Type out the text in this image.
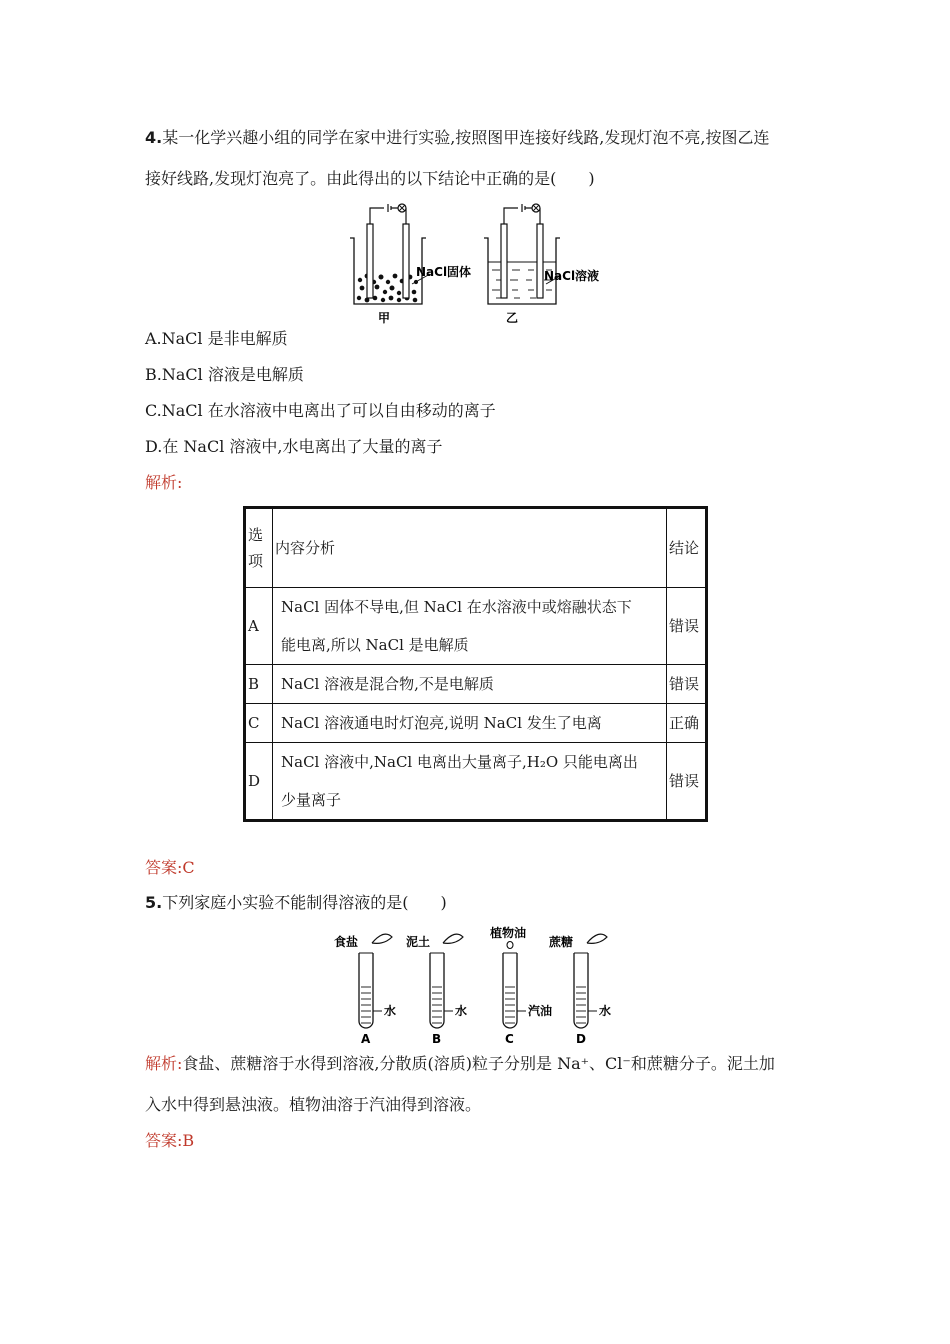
4.某一化学兴趣小组的同学在家中进行实验,按照图甲连接好线路,发现灯泡不亮,按图乙连
接好线路,发现灯泡亮了。由此得出的以下结论中正确的是(　　)
NaCl固体
甲
NaCl溶液
乙
A.NaCl 是非电解质
B.NaCl 溶液是电解质
C.NaCl 在水溶液中电离出了可以自由移动的离子
D.在 NaCl 溶液中,水电离出了大量的离子
解析:
选
项	内容分析	结论
A	NaCl 固体不导电,但 NaCl 在水溶液中或熔融状态下
能电离,所以 NaCl 是电解质	错误
B	NaCl 溶液是混合物,不是电解质	错误
C	NaCl 溶液通电时灯泡亮,说明 NaCl 发生了电离	正确
D	NaCl 溶液中,NaCl 电离出大量离子,H₂O 只能电离出
少量离子	错误
答案:C
5.下列家庭小实验不能制得溶液的是(　　)
食盐
水
A
泥土
水
B
植物油
汽油
C
蔗糖
水
D
解析:食盐、蔗糖溶于水得到溶液,分散质(溶质)粒子分别是 Na⁺、Cl⁻和蔗糖分子。泥土加
入水中得到悬浊液。植物油溶于汽油得到溶液。
答案:B
